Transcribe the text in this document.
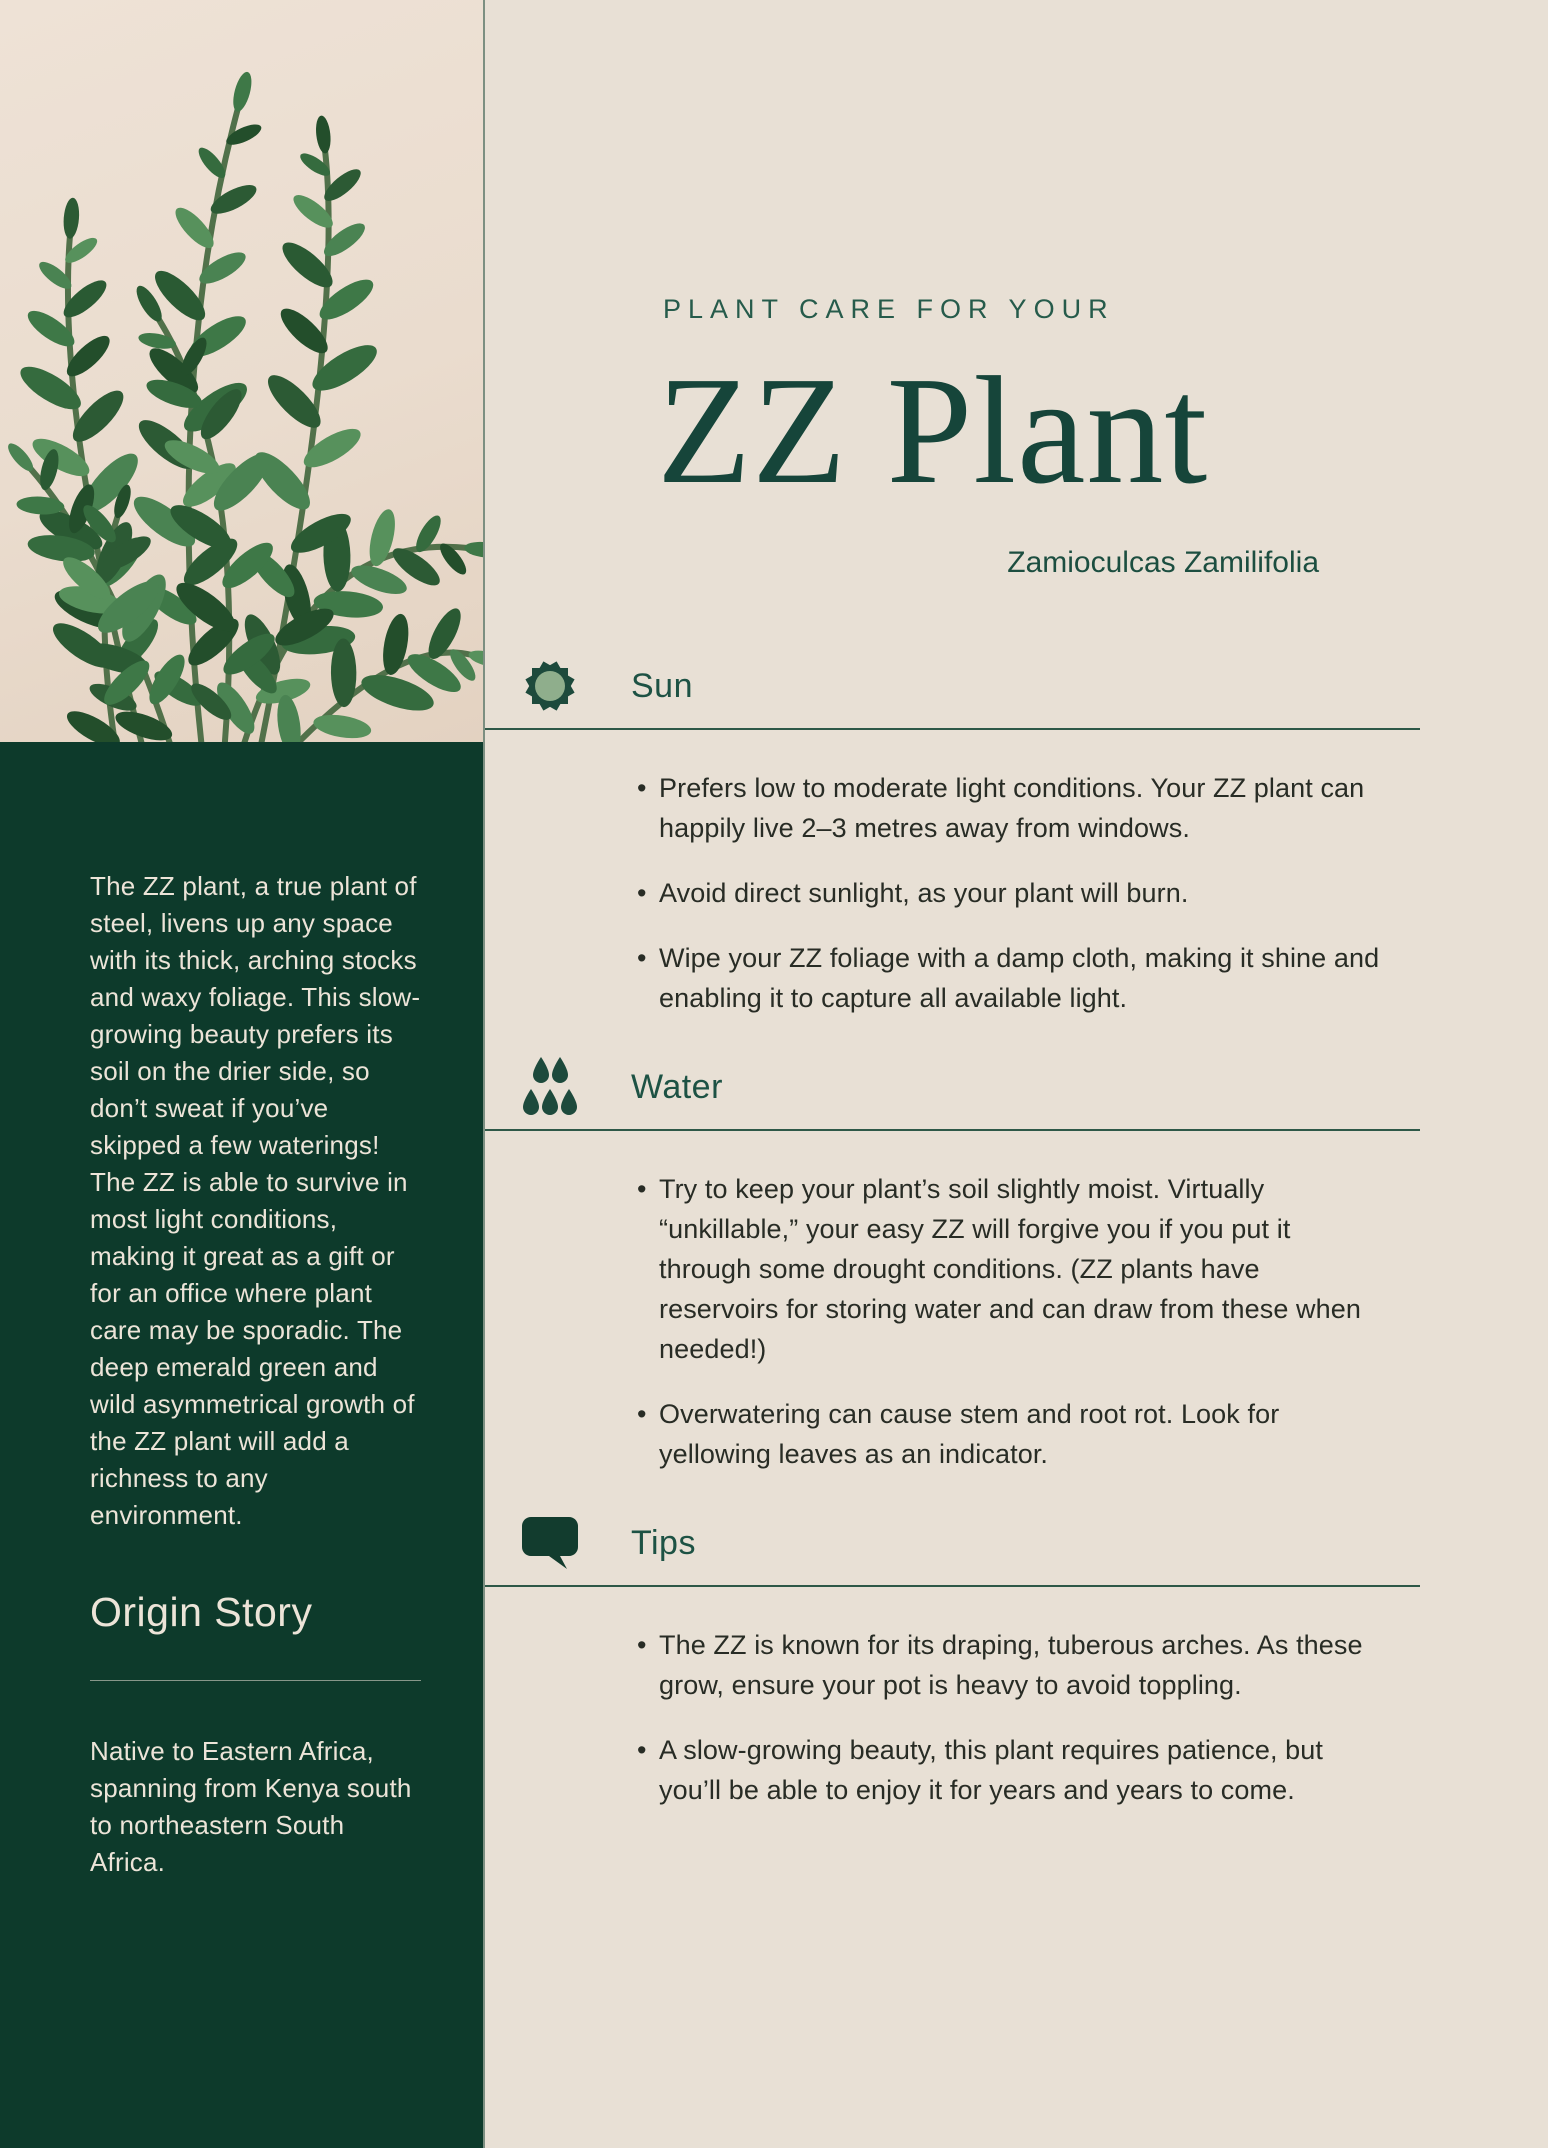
The ZZ plant, a true plant of steel, livens up any space with its thick, arching stocks and waxy foliage. This slow-growing beauty prefers its soil on the drier side, so don’t sweat if you’ve skipped a few waterings! The ZZ is able to survive in most light conditions, making it great as a gift or for an office where plant care may be sporadic. The deep emerald green and wild asymmetrical growth of the ZZ plant will add a richness to any environment.

Origin Story

Native to Eastern Africa, spanning from Kenya south to northeastern South Africa.

PLANT CARE FOR YOUR
ZZ Plant
Zamioculcas Zamilifolia
Sun
• Prefers low to moderate light conditions. Your ZZ plant can happily live 2–3 metres away from windows.
• Avoid direct sunlight, as your plant will burn.
• Wipe your ZZ foliage with a damp cloth, making it shine and enabling it to capture all available light.
Water
• Try to keep your plant’s soil slightly moist. Virtually “unkillable,” your easy ZZ will forgive you if you put it through some drought conditions. (ZZ plants have reservoirs for storing water and can draw from these when needed!)
• Overwatering can cause stem and root rot. Look for yellowing leaves as an indicator.
Tips
• The ZZ is known for its draping, tuberous arches. As these grow, ensure your pot is heavy to avoid toppling.
• A slow-growing beauty, this plant requires patience, but you’ll be able to enjoy it for years and years to come.
